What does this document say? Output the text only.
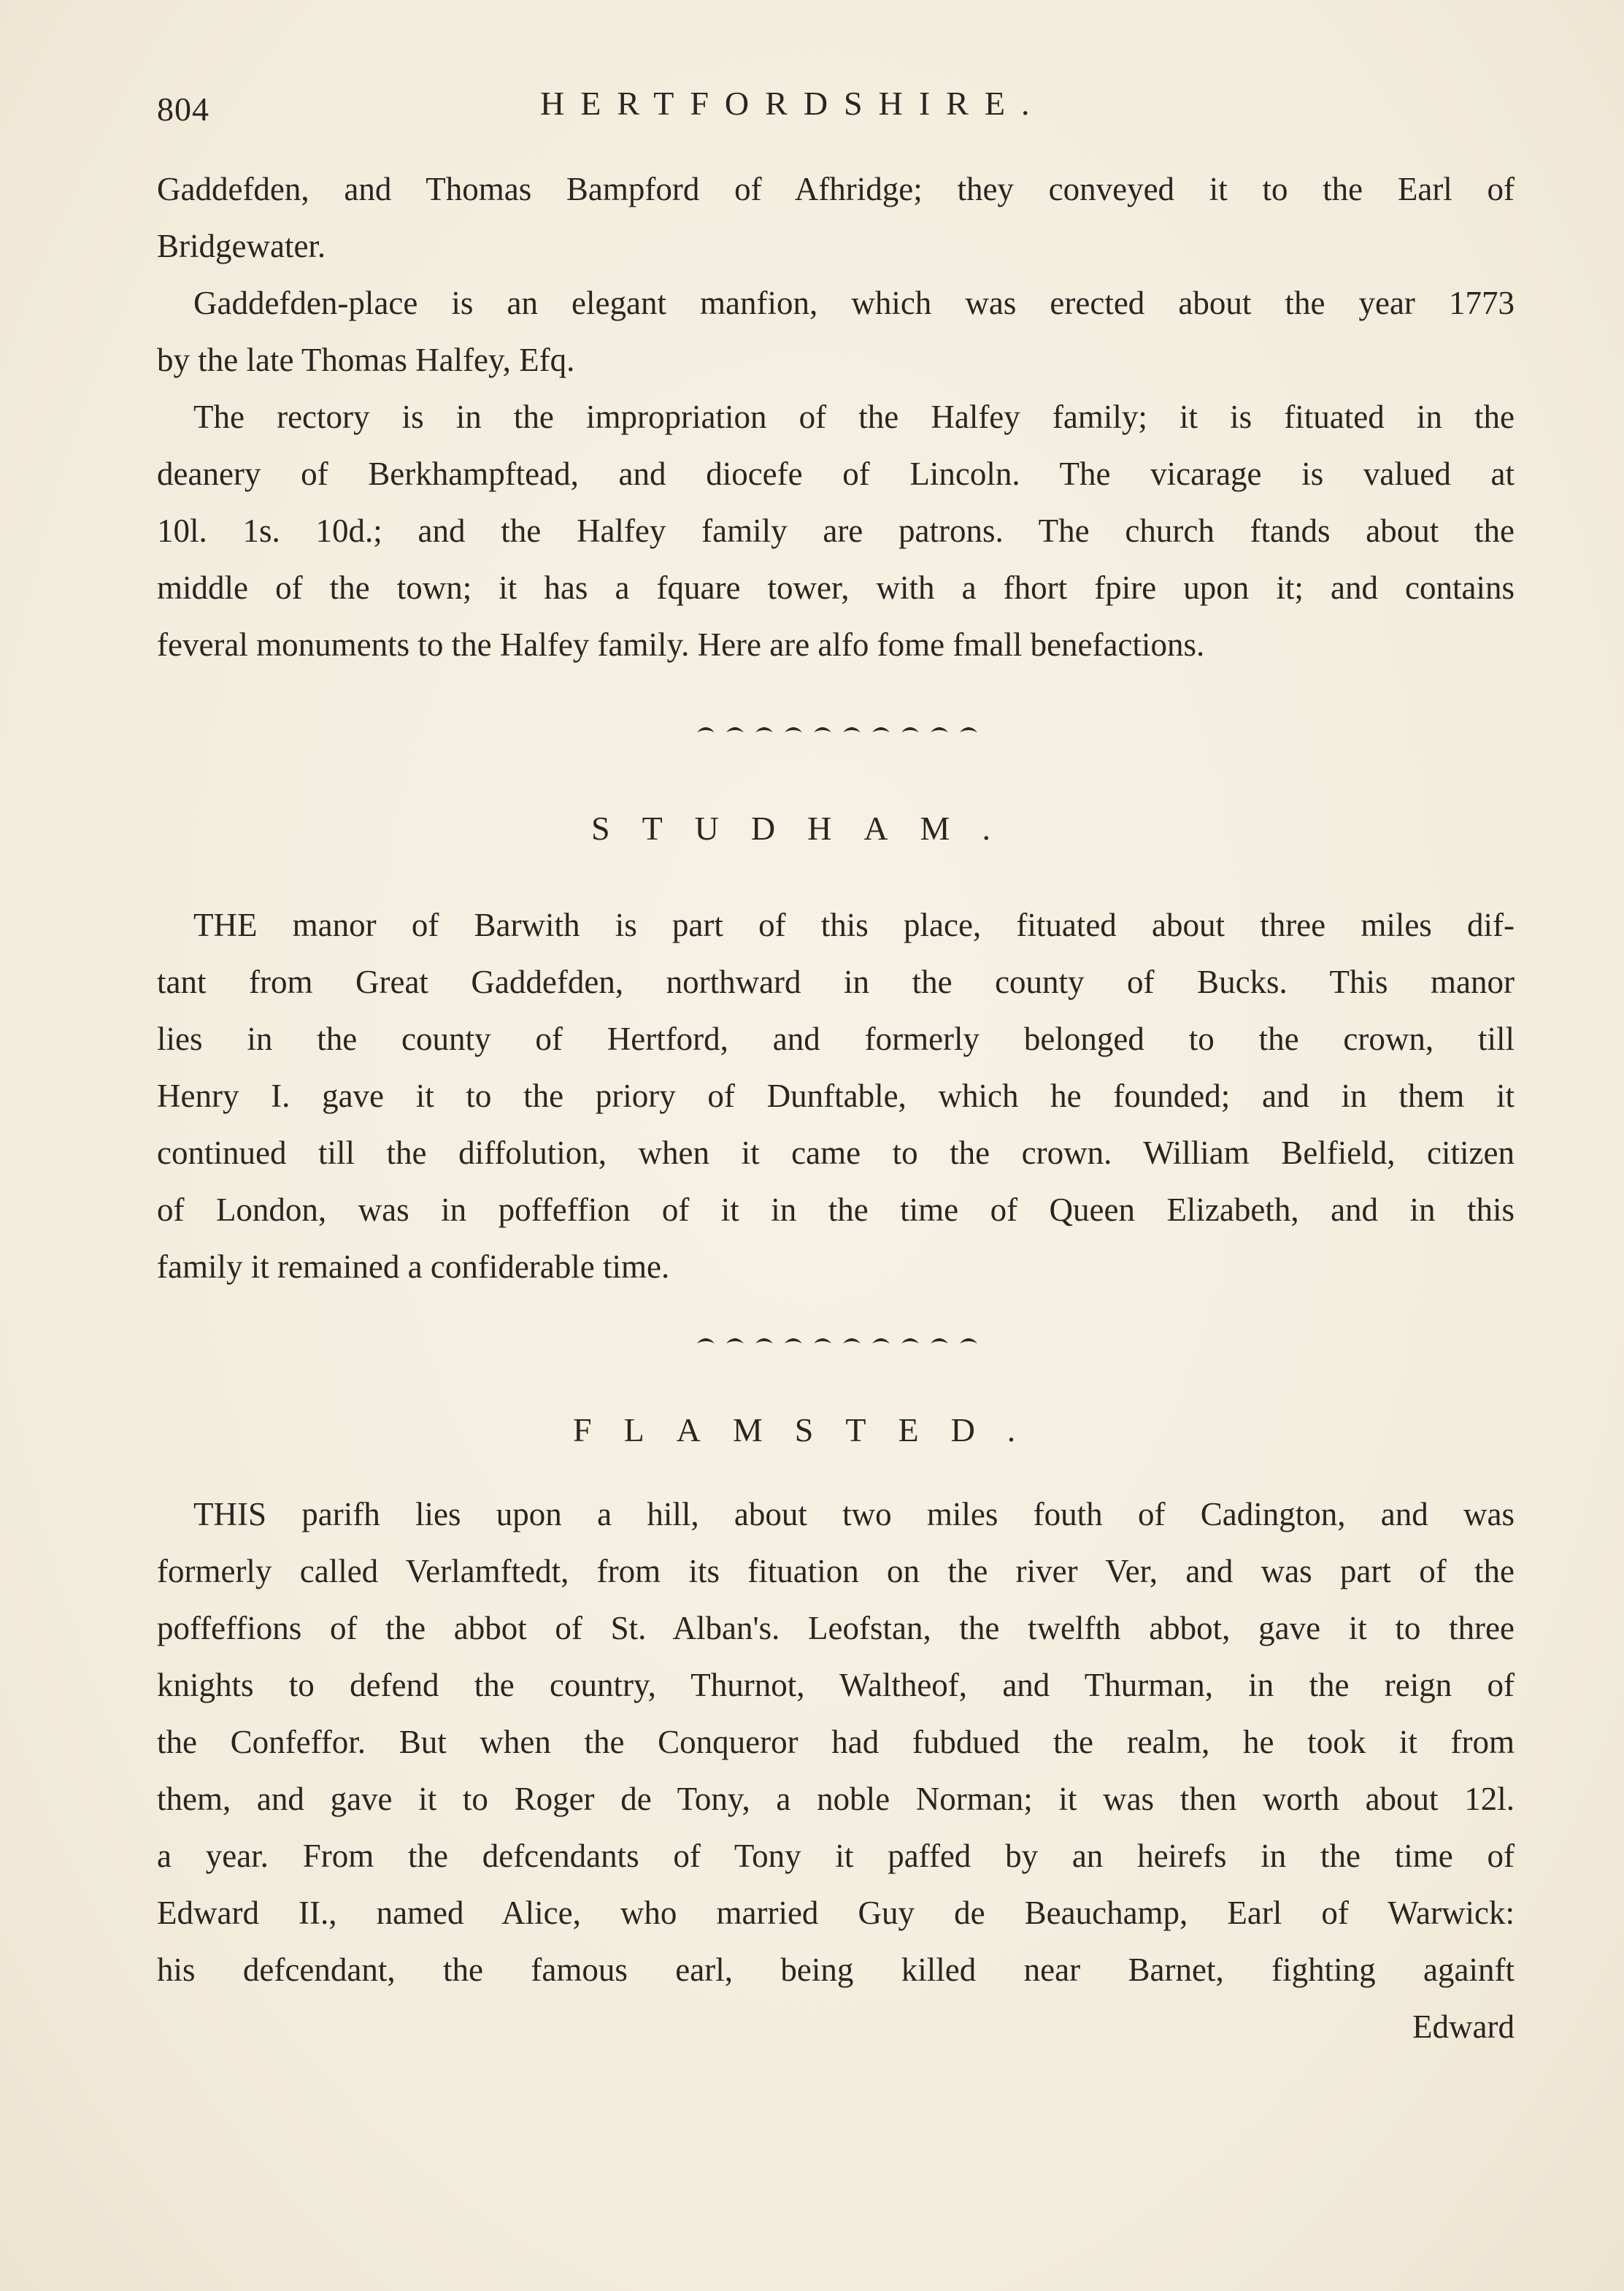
804	HERTFORDSHIRE.
Gaddefden, and Thomas Bampford of Afhridge; they conveyed it to the Earl of
Bridgewater.
Gaddefden-place is an elegant manfion, which was erected about the year 1773
by the late Thomas Halfey, Efq.
The rectory is in the impropriation of the Halfey family; it is fituated in the
deanery of Berkhampftead, and diocefe of Lincoln. The vicarage is valued at
10l. 1s. 10d.; and the Halfey family are patrons. The church ftands about the
middle of the town; it has a fquare tower, with a fhort fpire upon it; and contains
feveral monuments to the Halfey family. Here are alfo fome fmall benefactions.
STUDHAM.
THE manor of Barwith is part of this place, fituated about three miles dif-
tant from Great Gaddefden, northward in the county of Bucks. This manor
lies in the county of Hertford, and formerly belonged to the crown, till
Henry I. gave it to the priory of Dunftable, which he founded; and in them it
continued till the diffolution, when it came to the crown. William Belfield, citizen
of London, was in poffeffion of it in the time of Queen Elizabeth, and in this
family it remained a confiderable time.
FLAMSTED.
THIS parifh lies upon a hill, about two miles fouth of Cadington, and was
formerly called Verlamftedt, from its fituation on the river Ver, and was part of the
poffeffions of the abbot of St. Alban's. Leofstan, the twelfth abbot, gave it to three
knights to defend the country, Thurnot, Waltheof, and Thurman, in the reign of
the Confeffor. But when the Conqueror had fubdued the realm, he took it from
them, and gave it to Roger de Tony, a noble Norman; it was then worth about 12l.
a year. From the defcendants of Tony it paffed by an heirefs in the time of
Edward II., named Alice, who married Guy de Beauchamp, Earl of Warwick:
his defcendant, the famous earl, being killed near Barnet, fighting againft
Edward
